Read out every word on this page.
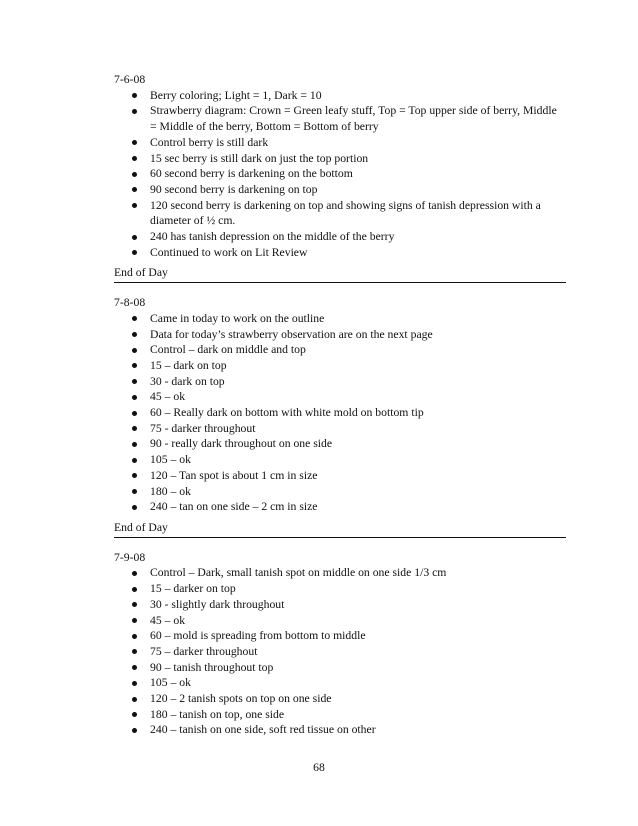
7-6-08
Berry coloring; Light = 1, Dark = 10
Strawberry diagram: Crown = Green leafy stuff, Top = Top upper side of berry, Middle = Middle of the berry, Bottom = Bottom of berry
Control berry is still dark
15 sec berry is still dark on just the top portion
60 second berry is darkening on the bottom
90 second berry is darkening on top
120 second berry is darkening on top and showing signs of tanish depression with a diameter of ½ cm.
240 has tanish depression on the middle of the berry
Continued to work on Lit Review
End of Day
7-8-08
Came in today to work on the outline
Data for today’s strawberry observation are on the next page
Control – dark on middle and top
15 – dark on top
30 - dark on top
45 – ok
60 – Really dark on bottom with white mold on bottom tip
75 - darker throughout
90 - really dark throughout on one side
105 – ok
120 – Tan spot is about 1 cm in size
180 – ok
240 – tan on one side – 2 cm in size
End of Day
7-9-08
Control – Dark, small tanish spot on middle on one side 1/3 cm
15 – darker on top
30 - slightly dark throughout
45 – ok
60 – mold is spreading from bottom to middle
75 – darker throughout
90 – tanish throughout top
105 – ok
120 – 2 tanish spots on top on one side
180 – tanish on top, one side
240 – tanish on one side, soft red tissue on other
68
